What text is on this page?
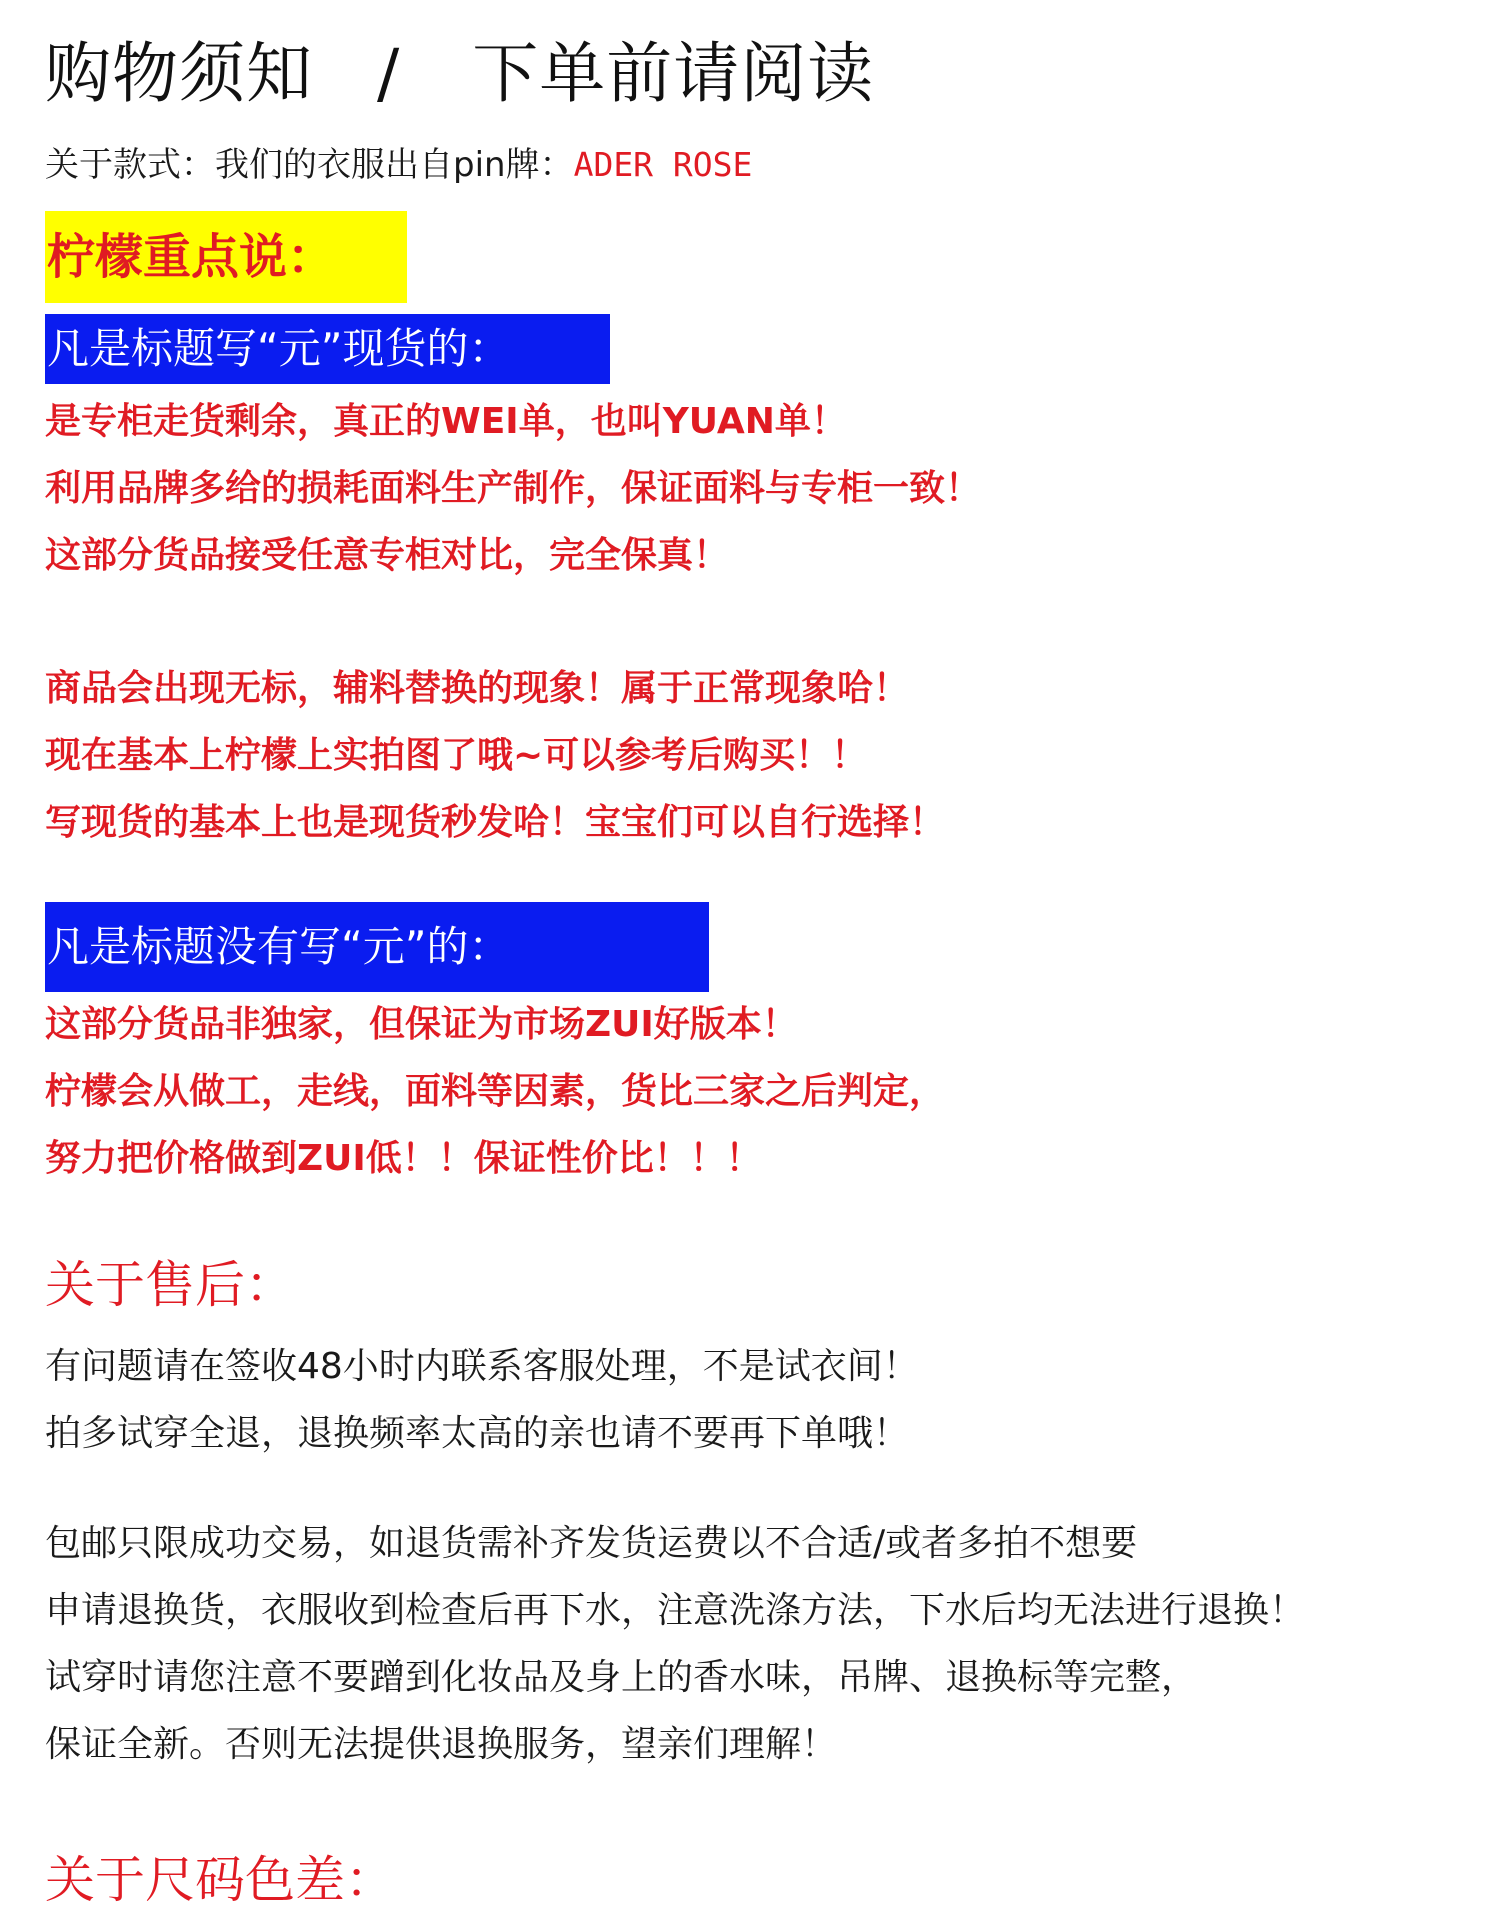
购物须知 / 下单前请阅读
关于款式：我们的衣服出自pin牌：ADER ROSE
柠檬重点说：
凡是标题写“元”现货的：
是专柜走货剩余，真正的WEI单，也叫YUAN单！
利用品牌多给的损耗面料生产制作，保证面料与专柜一致！
这部分货品接受任意专柜对比，完全保真！
商品会出现无标，辅料替换的现象！属于正常现象哈！
现在基本上柠檬上实拍图了哦~可以参考后购买！！
写现货的基本上也是现货秒发哈！宝宝们可以自行选择！
凡是标题没有写“元”的：
这部分货品非独家，但保证为市场ZUI好版本！
柠檬会从做工，走线，面料等因素，货比三家之后判定，
努力把价格做到ZUI低！！保证性价比！！！
关于售后：
有问题请在签收48小时内联系客服处理，不是试衣间！
拍多试穿全退，退换频率太高的亲也请不要再下单哦！
包邮只限成功交易，如退货需补齐发货运费以不合适/或者多拍不想要
申请退换货，衣服收到检查后再下水，注意洗涤方法，下水后均无法进行退换！
试穿时请您注意不要蹭到化妆品及身上的香水味，吊牌、退换标等完整，
保证全新。否则无法提供退换服务，望亲们理解！
关于尺码色差：
